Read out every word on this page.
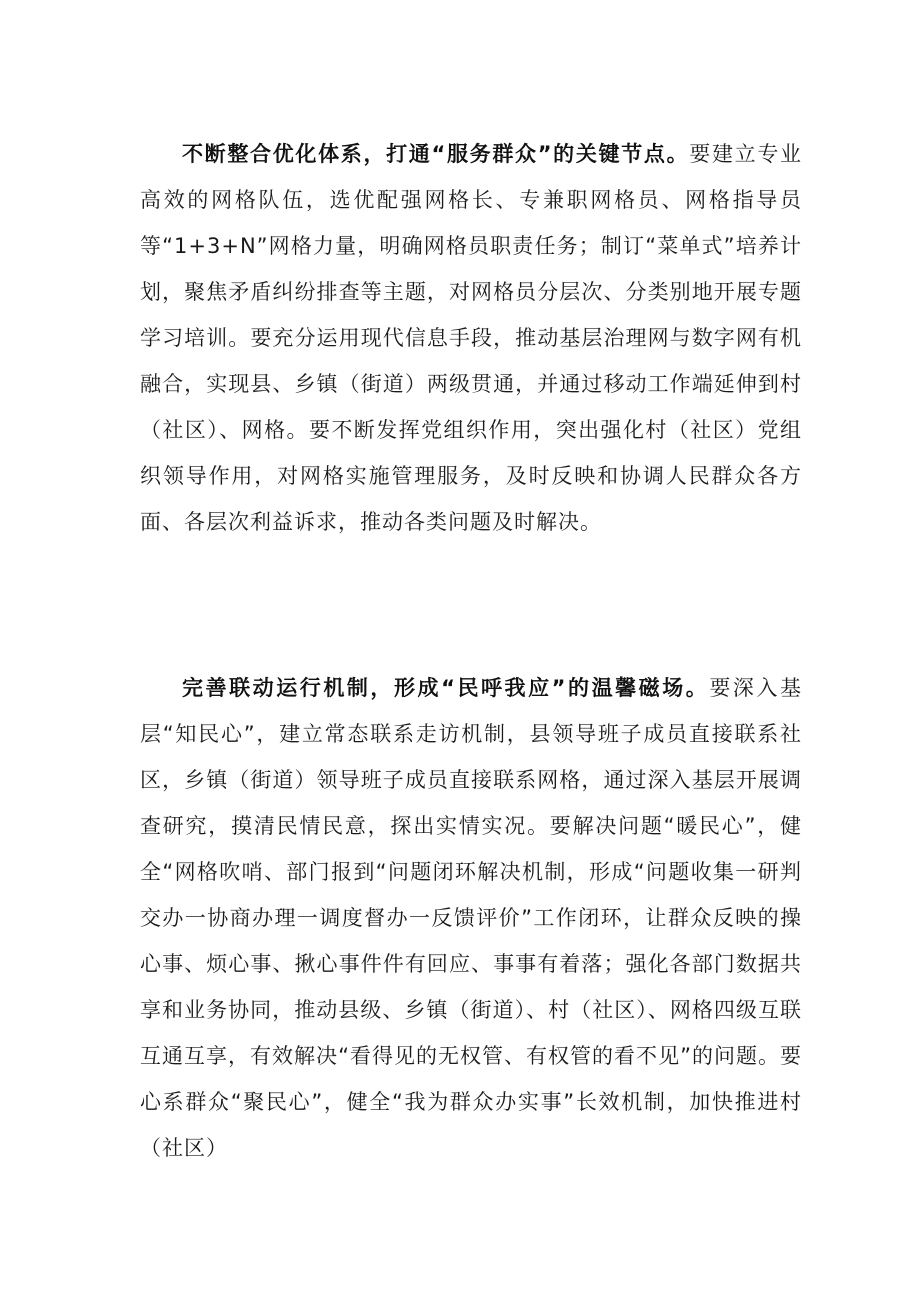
不断整合优化体系，打通“服务群众”的关键节点。要建立专业高效的网格队伍，选优配强网格长、专兼职网格员、网格指导员等“1+3+N”网格力量，明确网格员职责任务；制订“菜单式”培养计划，聚焦矛盾纠纷排查等主题，对网格员分层次、分类别地开展专题学习培训。要充分运用现代信息手段，推动基层治理网与数字网有机融合，实现县、乡镇（街道）两级贯通，并通过移动工作端延伸到村（社区）、网格。要不断发挥党组织作用，突出强化村（社区）党组织领导作用，对网格实施管理服务，及时反映和协调人民群众各方面、各层次利益诉求，推动各类问题及时解决。

完善联动运行机制，形成“民呼我应”的温馨磁场。要深入基层“知民心”，建立常态联系走访机制，县领导班子成员直接联系社区，乡镇（街道）领导班子成员直接联系网格，通过深入基层开展调查研究，摸清民情民意，探出实情实况。要解决问题“暖民心”，健全“网格吹哨、部门报到“问题闭环解决机制，形成“问题收集一研判交办一协商办理一调度督办一反馈评价”工作闭环，让群众反映的操心事、烦心事、揪心事件件有回应、事事有着落；强化各部门数据共享和业务协同，推动县级、乡镇（街道）、村（社区）、网格四级互联互通互享，有效解决“看得见的无权管、有权管的看不见”的问题。要心系群众“聚民心”，健全“我为群众办实事”长效机制，加快推进村（社区）
